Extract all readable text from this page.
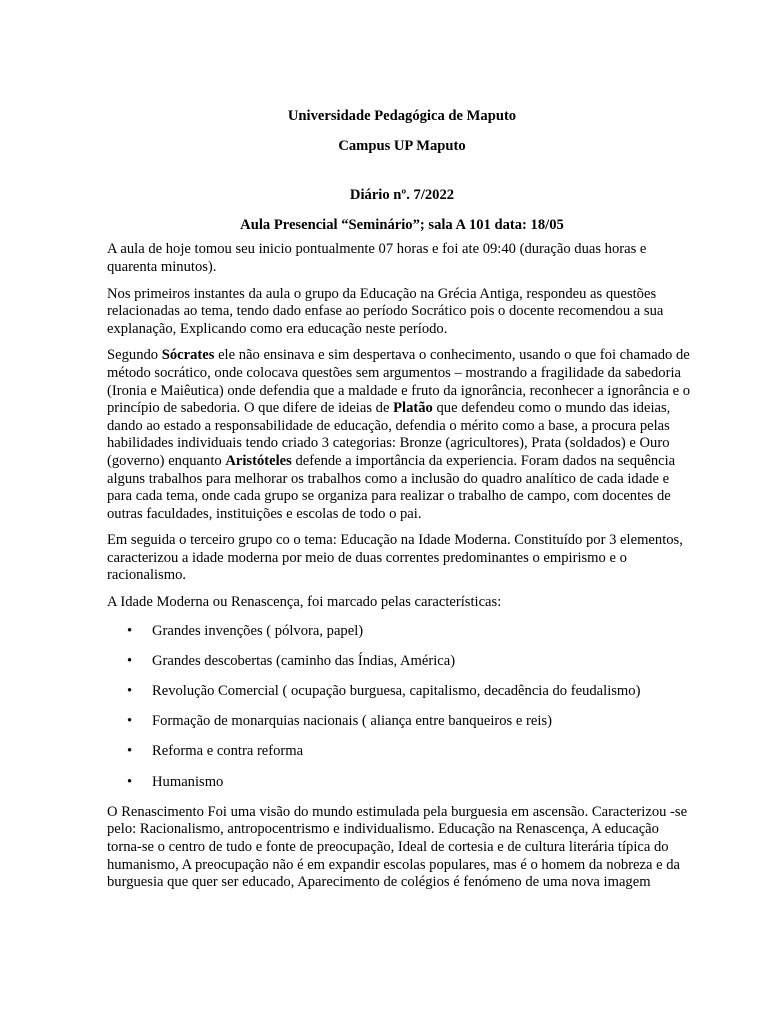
Universidade Pedagógica de Maputo
Campus UP Maputo
Diário nº. 7/2022
Aula Presencial “Seminário”; sala A 101 data: 18/05

A aula de hoje tomou seu inicio pontualmente 07 horas e foi ate 09:40 (duração duas horas e quarenta minutos).

Nos primeiros instantes da aula o grupo da Educação na Grécia Antiga, respondeu as questões relacionadas ao tema, tendo dado enfase ao período Socrático pois o docente recomendou a sua explanação, Explicando como era educação neste período.

Segundo Sócrates ele não ensinava e sim despertava o conhecimento, usando o que foi chamado de método socrático, onde colocava questões sem argumentos – mostrando a fragilidade da sabedoria (Ironia e Maiêutica) onde defendia que a maldade e fruto da ignorância, reconhecer a ignorância e o princípio de sabedoria. O que difere de ideias de Platão que defendeu como o mundo das ideias, dando ao estado a responsabilidade de educação, defendia o mérito como a base, a procura pelas habilidades individuais tendo criado 3 categorias: Bronze (agricultores), Prata (soldados) e Ouro (governo) enquanto Aristóteles defende a importância da experiencia. Foram dados na sequência alguns trabalhos para melhorar os trabalhos como a inclusão do quadro analítico de cada idade e para cada tema, onde cada grupo se organiza para realizar o trabalho de campo, com docentes de outras faculdades, instituições e escolas de todo o pai.

Em seguida o terceiro grupo co o tema: Educação na Idade Moderna. Constituído por 3 elementos, caracterizou a idade moderna por meio de duas correntes predominantes o empirismo e o racionalismo.

A Idade Moderna ou Renascença, foi marcado pelas características:

• Grandes invenções ( pólvora, papel)
• Grandes descobertas (caminho das Índias, América)
• Revolução Comercial ( ocupação burguesa, capitalismo, decadência do feudalismo)
• Formação de monarquias nacionais ( aliança entre banqueiros e reis)
• Reforma e contra reforma
• Humanismo

O Renascimento Foi uma visão do mundo estimulada pela burguesia em ascensão. Caracterizou -se pelo: Racionalismo, antropocentrismo e individualismo. Educação na Renascença, A educação torna-se o centro de tudo e fonte de preocupação, Ideal de cortesia e de cultura literária típica do humanismo, A preocupação não é em expandir escolas populares, mas é o homem da nobreza e da burguesia que quer ser educado, Aparecimento de colégios é fenómeno de uma nova imagem
